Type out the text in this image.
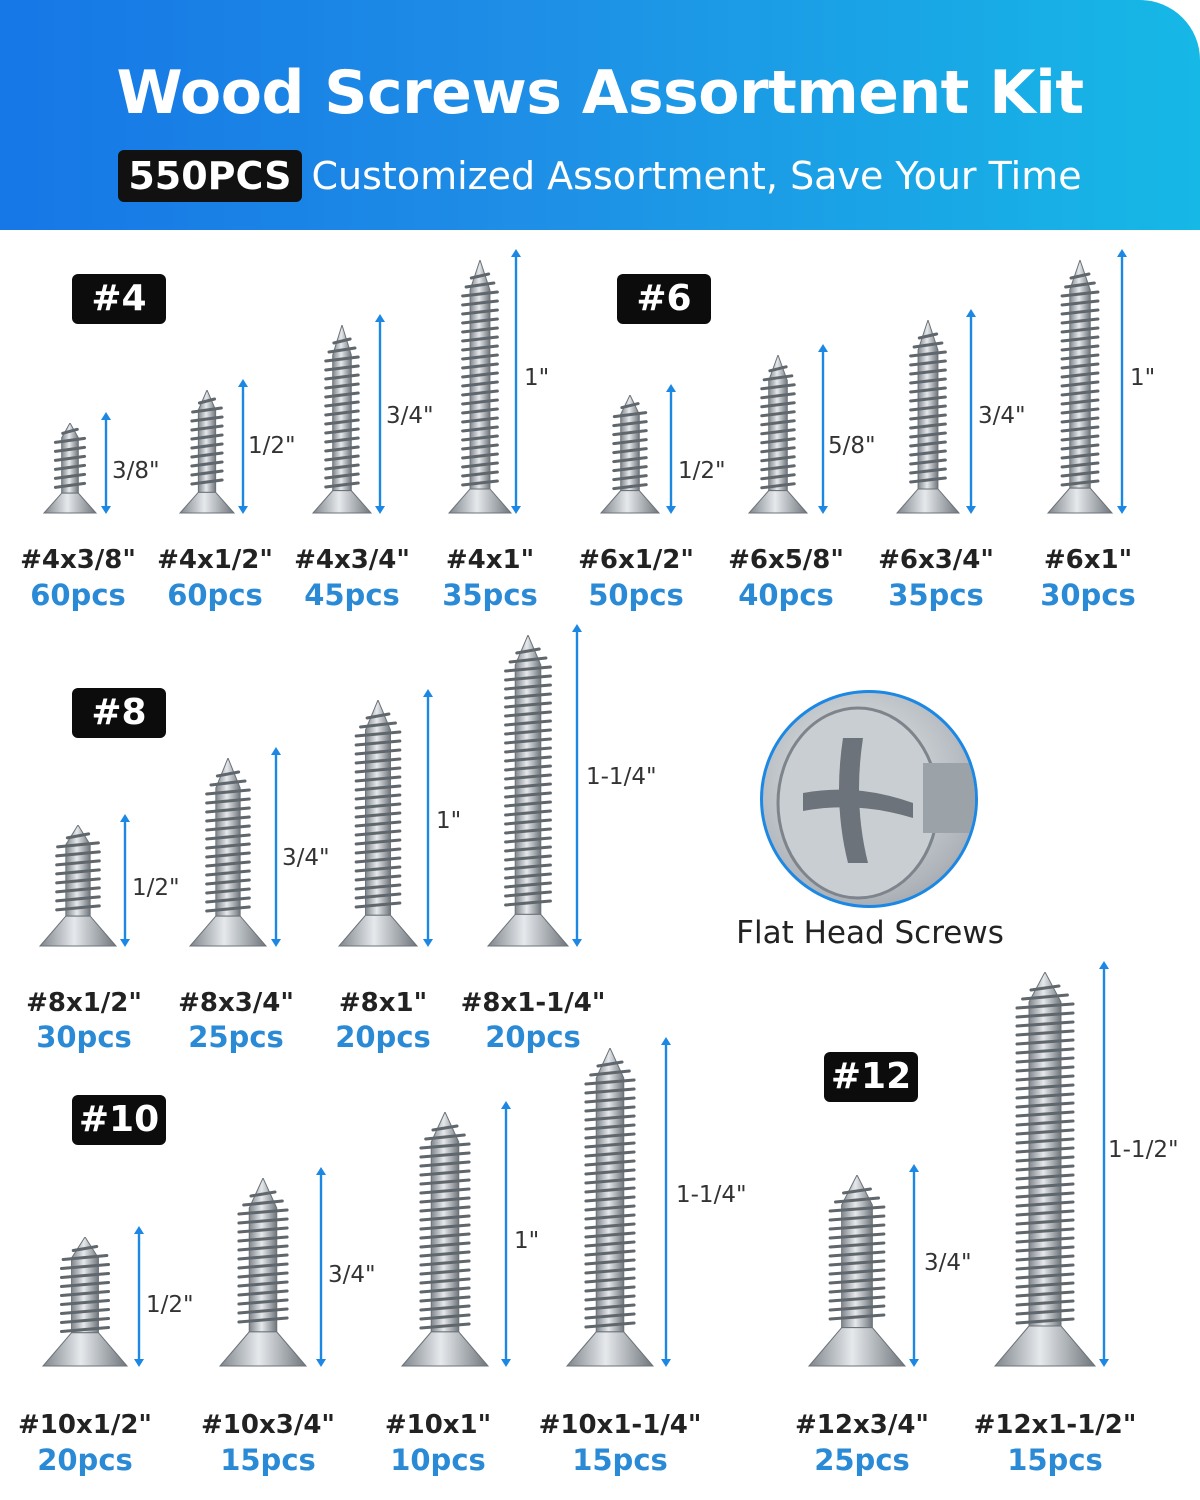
Wood Screws Assortment Kit
550PCS Customized Assortment, Save Your Time
#4	#6
#8
#10
#12
3/8"
#4x3/8"
60pcs
1/2"
#4x1/2"
60pcs
3/4"
#4x3/4"
45pcs
1"
#4x1"
35pcs
1/2"
#6x1/2"
50pcs
5/8"
#6x5/8"
40pcs
3/4"
#6x3/4"
35pcs
1"
#6x1"
30pcs
1/2"
#8x1/2"
30pcs
3/4"
#8x3/4"
25pcs
1"
#8x1"
20pcs
1-1/4"
#8x1-1/4"
20pcs
1/2"
#10x1/2"
20pcs
3/4"
#10x3/4"
15pcs
1"
#10x1"
10pcs
1-1/4"
#10x1-1/4"
15pcs
3/4"
#12x3/4"
25pcs
1-1/2"
#12x1-1/2"
15pcs
Flat Head Screws
